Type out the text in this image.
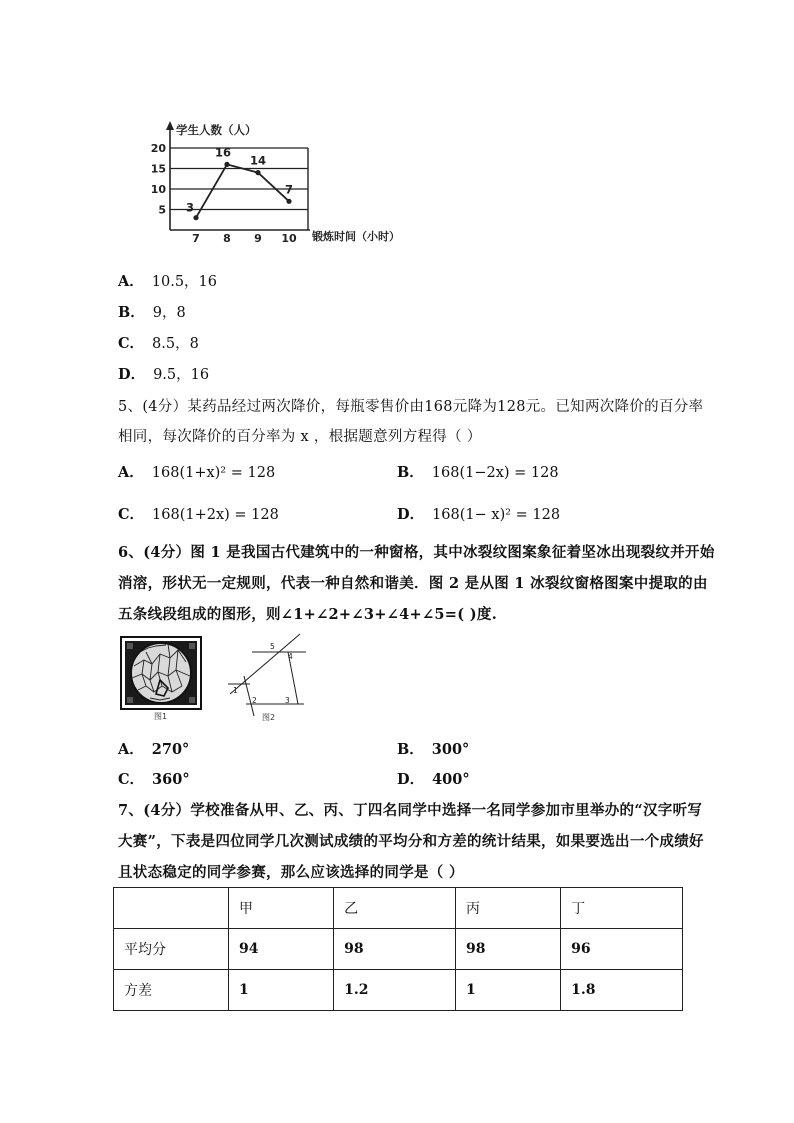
20
15
10
5
7 8 9 10
3
16
14
7
学生人数（人）
锻炼时间（小时）
A． 10.5，16
B． 9，8
C． 8.5，8
D． 9.5，16
5、(4分）某药品经过两次降价，每瓶零售价由168元降为128元。已知两次降价的百分率
相同，每次降价的百分率为 x ，根据题意列方程得（ ）
A． 168(1+x)² = 128	B． 168(1−2x) = 128
C． 168(1+2x) = 128	D． 168(1− x)² = 128
6、(4分）图 1 是我国古代建筑中的一种窗格，其中冰裂纹图案象征着坚冰出现裂纹并开始
消溶，形状无一定规则，代表一种自然和谐美．图 2 是从图 1 冰裂纹窗格图案中提取的由
五条线段组成的图形，则∠1+∠2+∠3+∠4+∠5=( )度.
图1
1
2	3
4
5
图2
A． 270°	B． 300°
C． 360°	D． 400°
7、(4分）学校准备从甲、乙、丙、丁四名同学中选择一名同学参加市里举办的“汉字听写
大赛”，下表是四位同学几次测试成绩的平均分和方差的统计结果，如果要选出一个成绩好
且状态稳定的同学参赛，那么应该选择的同学是（ ）
	甲	乙	丙	丁
平均分	94	98	98	96
方差	1	1.2	1	1.8
